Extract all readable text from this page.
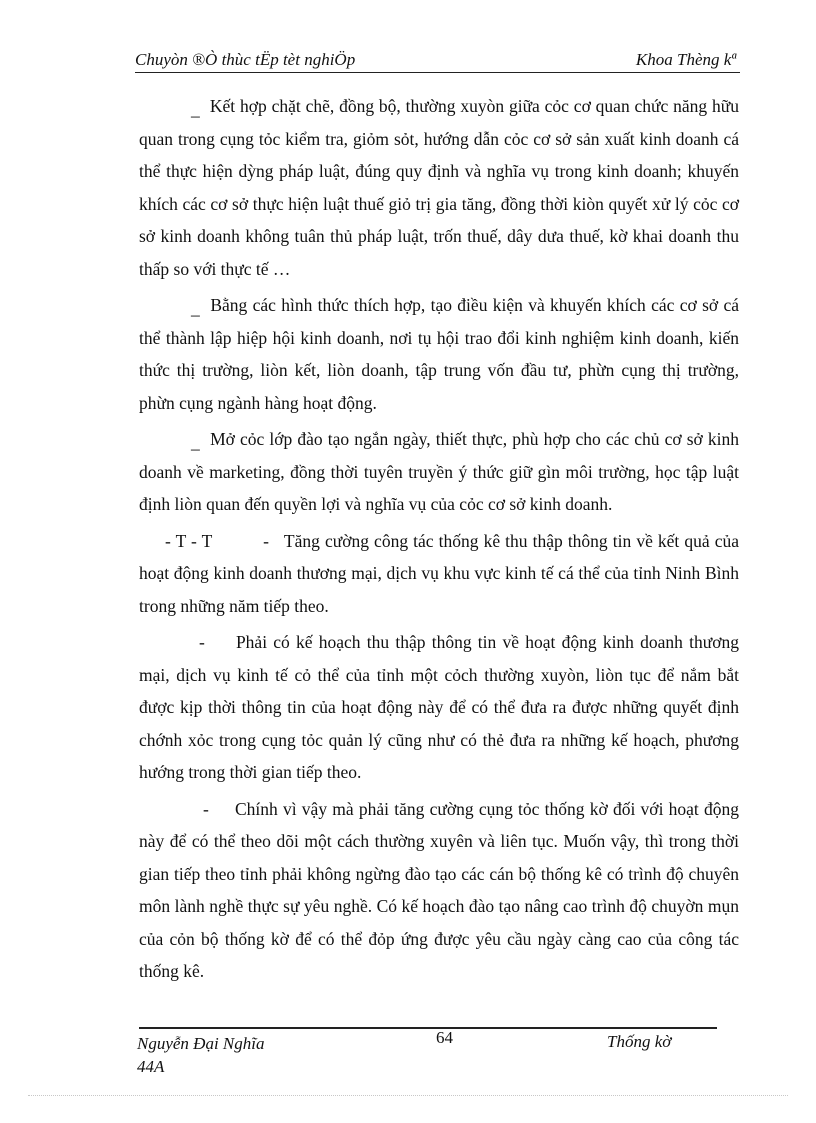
Chuyòn ®Ò thùc tËp tèt nghiÖp	Khoa Thèng kª

_ Kết hợp chặt chẽ, đồng bộ, thường xuyòn giữa cỏc cơ quan chức năng hữu quan trong cụng tỏc kiểm tra, giỏm sỏt, hướng dẫn cỏc cơ sở sản xuất kinh doanh cá thể thực hiện dỳng pháp luật, đúng quy định và nghĩa vụ trong kinh doanh; khuyến khích các cơ sở thực hiện luật thuế giỏ trị gia tăng, đồng thời kiòn quyết xử lý cỏc cơ sở kinh doanh không tuân thủ pháp luật, trốn thuế, dây dưa thuế, kờ khai doanh thu thấp so với thực tế …

_ Bằng các hình thức thích hợp, tạo điều kiện và khuyến khích các cơ sở cá thể thành lập hiệp hội kinh doanh, nơi tụ hội trao đổi kinh nghiệm kinh doanh, kiến thức thị trường, liòn kết, liòn doanh, tập trung vốn đầu tư, phừn cụng thị trường, phừn cụng ngành hàng hoạt động.

_ Mở cỏc lớp đào tạo ngắn ngày, thiết thực, phù hợp cho các chủ cơ sở kinh doanh về marketing, đồng thời tuyên truyền ý thức giữ gìn môi trường, học tập luật định liòn quan đến quyền lợi và nghĩa vụ của cỏc cơ sở kinh doanh.

- T - T	- Tăng cường công tác thống kê thu thập thông tin về kết quả của hoạt động kinh doanh thương mại, dịch vụ khu vực kinh tế cá thể của tỉnh Ninh Bình trong những năm tiếp theo.

- Phải có kế hoạch thu thập thông tin về hoạt động kinh doanh thương mại, dịch vụ kinh tế cỏ thể của tỉnh một cỏch thường xuyòn, liòn tục để nắm bắt được kịp thời thông tin của hoạt động này để có thể đưa ra được những quyết định chớnh xỏc trong cụng tỏc quản lý cũng như có thẻ đưa ra những kế hoạch, phương hướng trong thời gian tiếp theo.

- Chính vì vậy mà phải tăng cường cụng tỏc thống kờ đối với hoạt động này để có thể theo dõi một cách thường xuyên và liên tục. Muốn vậy, thì trong thời gian tiếp theo tỉnh phải không ngừng đào tạo các cán bộ thống kê có trình độ chuyên môn lành nghề thực sự yêu nghề. Có kế hoạch đào tạo nâng cao trình độ chuyờn mụn của cỏn bộ thống kờ để có thể đỏp ứng được yêu cầu ngày càng cao của công tác thống kê.

Nguyễn Đại Nghĩa
44A
64	Thống kờ
